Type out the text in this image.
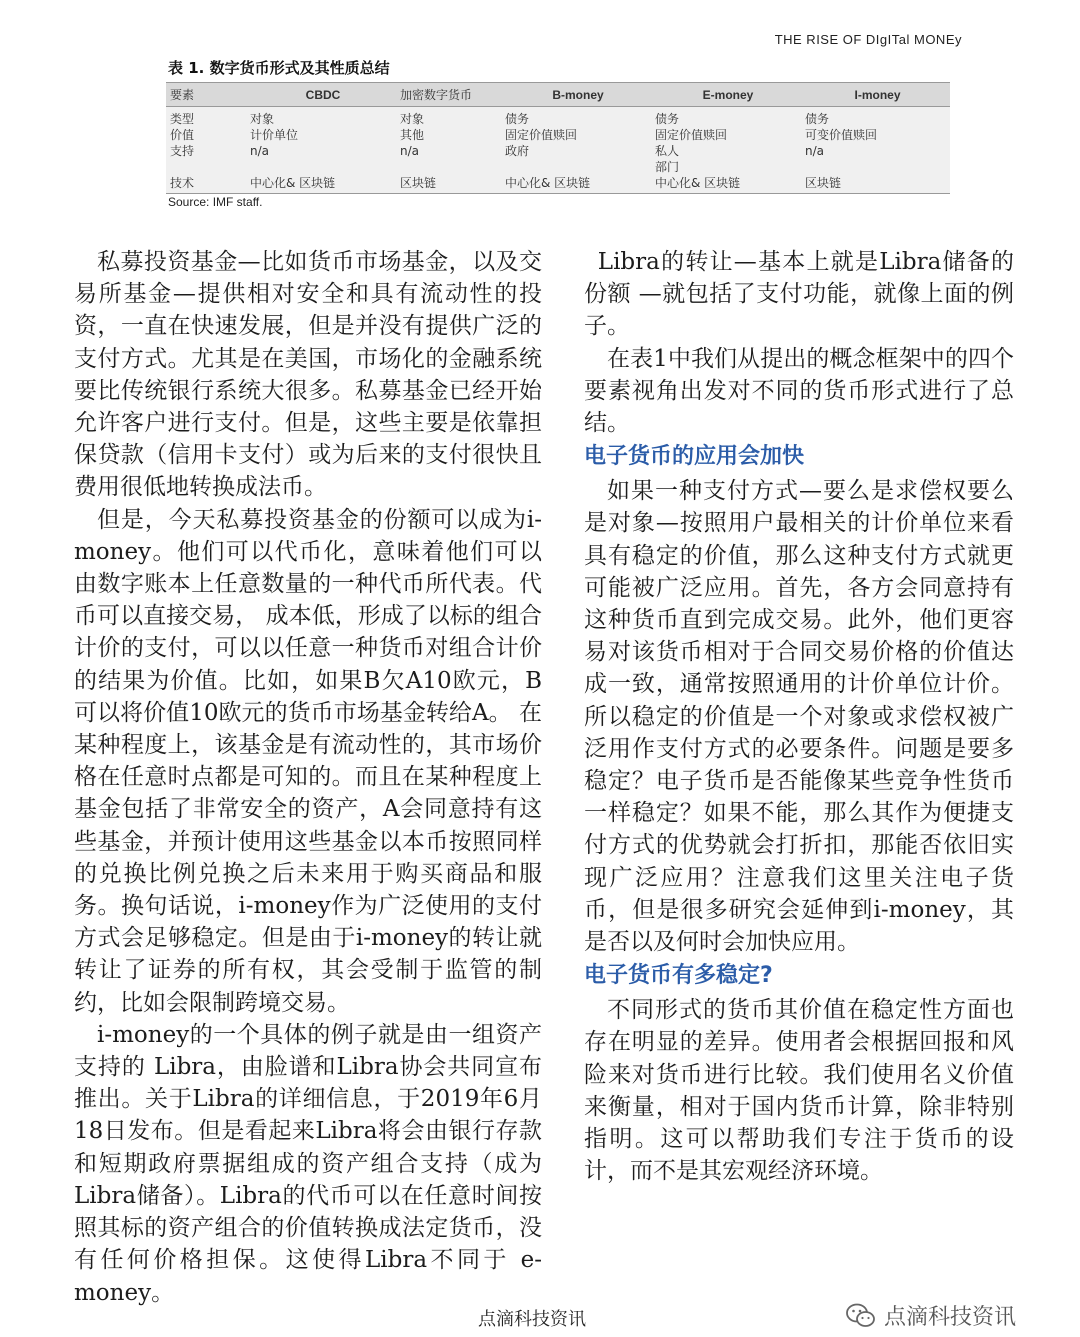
THE RISE OF DIgITal MONEy
表 1. 数字货币形式及其性质总结
要素	CBDC	加密数字货币	B-money	E-money	I-money
类型	对象	对象	债务	债务	债务
价值	计价单位	其他	固定价值赎回	固定价值赎回	可变价值赎回
支持	n/a	n/a	政府	私人	n/a
部门
技术	中心化& 区块链	区块链	中心化& 区块链	中心化& 区块链	区块链
Source: IMF staff.

私募投资基金—比如货币市场基金，以及交易所基金—提供相对安全和具有流动性的投资，一直在快速发展，但是并没有提供广泛的支付方式。尤其是在美国，市场化的金融系统要比传统银行系统大很多。私募基金已经开始允许客户进行支付。但是，这些主要是依靠担保贷款（信用卡支付）或为后来的支付很快且费用很低地转换成法币。

但是，今天私募投资基金的份额可以成为i-money。他们可以代币化，意味着他们可以由数字账本上任意数量的一种代币所代表。代币可以直接交易， 成本低，形成了以标的组合计价的支付，可以以任意一种货币对组合计价的结果为价值。比如，如果B欠A10欧元，B可以将价值10欧元的货币市场基金转给A。 在某种程度上，该基金是有流动性的，其市场价格在任意时点都是可知的。而且在某种程度上基金包括了非常安全的资产，A会同意持有这些基金，并预计使用这些基金以本币按照同样的兑换比例兑换之后未来用于购买商品和服务。换句话说，i-money作为广泛使用的支付方式会足够稳定。但是由于i-money的转让就转让了证券的所有权，其会受制于监管的制约，比如会限制跨境交易。

i-money的一个具体的例子就是由一组资产支持的 Libra，由脸谱和Libra协会共同宣布推出。关于Libra的详细信息，于2019年6月18日发布。但是看起来Libra将会由银行存款和短期政府票据组成的资产组合支持（成为Libra储备）。Libra的代币可以在任意时间按照其标的资产组合的价值转换成法定货币，没有任何价格担保。这使得Libra不同于 e-money。

Libra的转让—基本上就是Libra储备的份额 —就包括了支付功能，就像上面的例子。

在表1中我们从提出的概念框架中的四个要素视角出发对不同的货币形式进行了总结。

电子货币的应用会加快

如果一种支付方式—要么是求偿权要么是对象—按照用户最相关的计价单位来看具有稳定的价值，那么这种支付方式就更可能被广泛应用。首先，各方会同意持有这种货币直到完成交易。此外，他们更容易对该货币相对于合同交易价格的价值达成一致，通常按照通用的计价单位计价。所以稳定的价值是一个对象或求偿权被广泛用作支付方式的必要条件。问题是要多稳定？电子货币是否能像某些竞争性货币一样稳定？如果不能，那么其作为便捷支付方式的优势就会打折扣，那能否依旧实现广泛应用？注意我们这里关注电子货币，但是很多研究会延伸到i-money，其是否以及何时会加快应用。

电子货币有多稳定?

不同形式的货币其价值在稳定性方面也存在明显的差异。使用者会根据回报和风险来对货币进行比较。我们使用名义价值来衡量，相对于国内货币计算，除非特别指明。这可以帮助我们专注于货币的设计，而不是其宏观经济环境。

点滴科技资讯	点滴科技资讯
